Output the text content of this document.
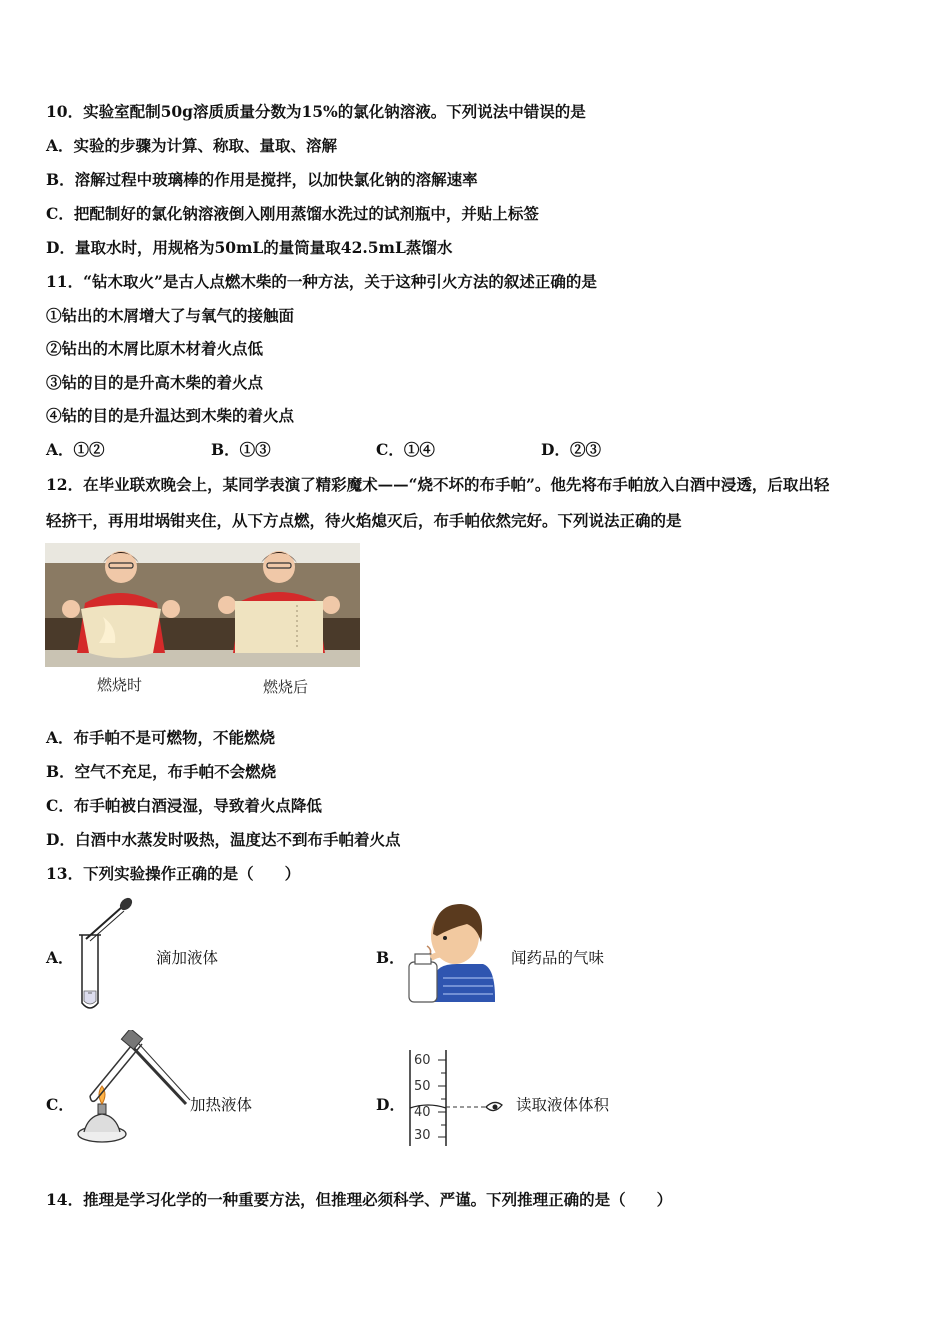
10．实验室配制50g溶质质量分数为15%的氯化钠溶液。下列说法中错误的是
A．实验的步骤为计算、称取、量取、溶解
B．溶解过程中玻璃棒的作用是搅拌，以加快氯化钠的溶解速率
C．把配制好的氯化钠溶液倒入刚用蒸馏水洗过的试剂瓶中，并贴上标签
D．量取水时，用规格为50mL的量筒量取42.5mL蒸馏水
11．“钻木取火”是古人点燃木柴的一种方法，关于这种引火方法的叙述正确的是
①钻出的木屑增大了与氧气的接触面
②钻出的木屑比原木材着火点低
③钻的目的是升高木柴的着火点
④钻的目的是升温达到木柴的着火点
A．①②	B．①③	C．①④	D．②③
12．在毕业联欢晚会上，某同学表演了精彩魔术——“烧不坏的布手帕”。他先将布手帕放入白酒中浸透，后取出轻
轻挤干，再用坩埚钳夹住，从下方点燃，待火焰熄灭后，布手帕依然完好。下列说法正确的是
燃烧时	燃烧后
A．布手帕不是可燃物，不能燃烧
B．空气不充足，布手帕不会燃烧
C．布手帕被白酒浸湿，导致着火点降低
D．白酒中水蒸发时吸热，温度达不到布手帕着火点
13．下列实验操作正确的是（　　）
A．	滴加液体	B．	闻药品的气味
C．	加热液体	D．
60
50
40
30
读取液体体积
14．推理是学习化学的一种重要方法，但推理必须科学、严谨。下列推理正确的是（　　）
